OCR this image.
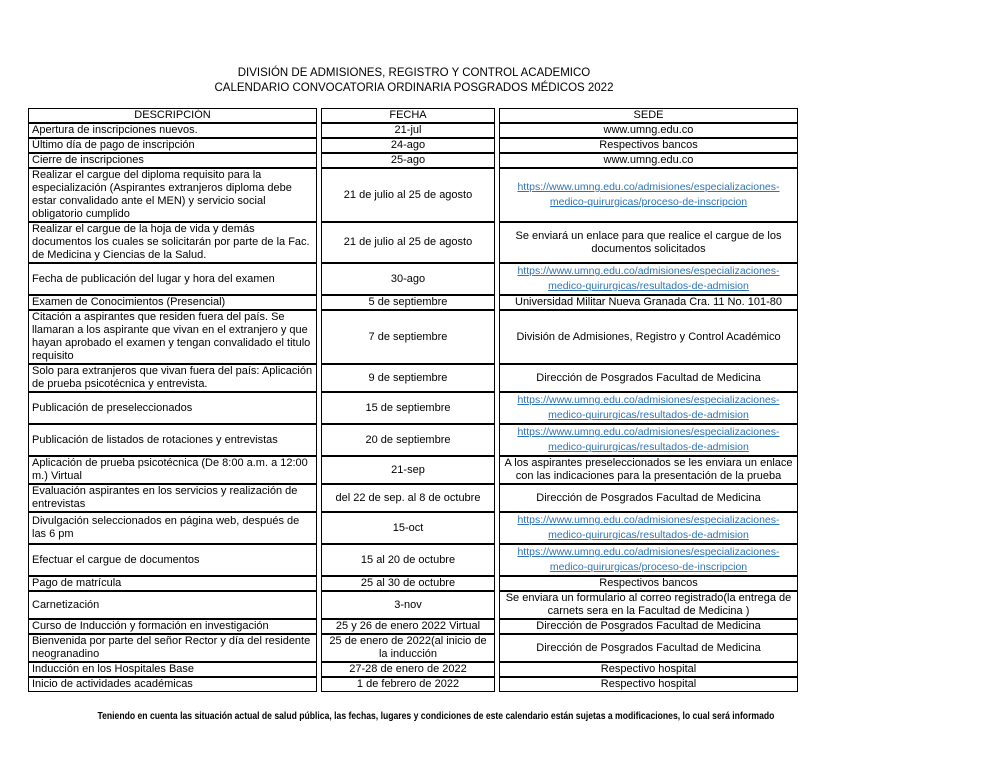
DIVISIÓN DE ADMISIONES, REGISTRO Y CONTROL ACADEMICO
CALENDARIO CONVOCATORIA ORDINARIA POSGRADOS MÉDICOS 2022
DESCRIPCIÓN	FECHA	SEDE
Apertura de inscripciones nuevos.	21-jul	www.umng.edu.co
Último día de pago de inscripción	24-ago	Respectivos bancos
Cierre de inscripciones	25-ago	www.umng.edu.co
Realizar el cargue del diploma requisito para la especialización (Aspirantes extranjeros diploma debe estar convalidado ante el MEN) y servicio social obligatorio cumplido	21 de julio al 25 de agosto	https://www.umng.edu.co/admisiones/especializaciones-medico-quirurgicas/proceso-de-inscripcion
Realizar el cargue de la hoja de vida y demás documentos los cuales se solicitarán por parte de la Fac. de Medicina y Ciencias de la Salud.	21 de julio al 25 de agosto	Se enviará un enlace para que realice el cargue de los documentos solicitados
Fecha de publicación del lugar y hora del examen	30-ago	https://www.umng.edu.co/admisiones/especializaciones-medico-quirurgicas/resultados-de-admision
Examen de Conocimientos (Presencial)	5 de septiembre	Universidad Militar Nueva Granada Cra. 11 No. 101-80
Citación a aspirantes que residen fuera del país. Se llamaran a los aspirante que vivan en el extranjero y que hayan aprobado el examen y tengan convalidado el titulo requisito	7 de septiembre	División de Admisiones, Registro y Control Académico
Solo para extranjeros que vivan fuera del país: Aplicación de prueba psicotécnica y entrevista.	9 de septiembre	Dirección de Posgrados Facultad de Medicina
Publicación de preseleccionados	15 de septiembre	https://www.umng.edu.co/admisiones/especializaciones-medico-quirurgicas/resultados-de-admision
Publicación de listados de rotaciones y entrevistas	20 de septiembre	https://www.umng.edu.co/admisiones/especializaciones-medico-quirurgicas/resultados-de-admision
Aplicación de prueba psicotécnica (De 8:00 a.m. a 12:00 m.) Virtual	21-sep	A los aspirantes preseleccionados se les enviara un enlace con las indicaciones para la presentación de la prueba
Evaluación aspirantes en los servicios y realización de entrevistas	del 22 de sep. al 8 de octubre	Dirección de Posgrados Facultad de Medicina
Divulgación seleccionados en página web, después de las 6 pm	15-oct	https://www.umng.edu.co/admisiones/especializaciones-medico-quirurgicas/resultados-de-admision
Efectuar el cargue de documentos	15 al 20 de octubre	https://www.umng.edu.co/admisiones/especializaciones-medico-quirurgicas/proceso-de-inscripcion
Pago de matrícula	25 al 30 de octubre	Respectivos bancos
Carnetización	3-nov	Se enviara un formulario al correo registrado(la entrega de carnets sera en la Facultad de Medicina )
Curso de Inducción y formación en investigación	25 y 26 de enero 2022 Virtual	Dirección de Posgrados Facultad de Medicina
Bienvenida por parte del señor Rector y día del residente neogranadino	25 de enero de 2022(al inicio de la inducción	Dirección de Posgrados Facultad de Medicina
Inducción en los Hospitales Base	27-28 de enero de 2022	Respectivo hospital
Inicio de actividades académicas	1 de febrero de 2022	Respectivo hospital
Teniendo en cuenta las situación actual de salud pública, las fechas, lugares y condiciones de este calendario están sujetas a modificaciones, lo cual será informado
